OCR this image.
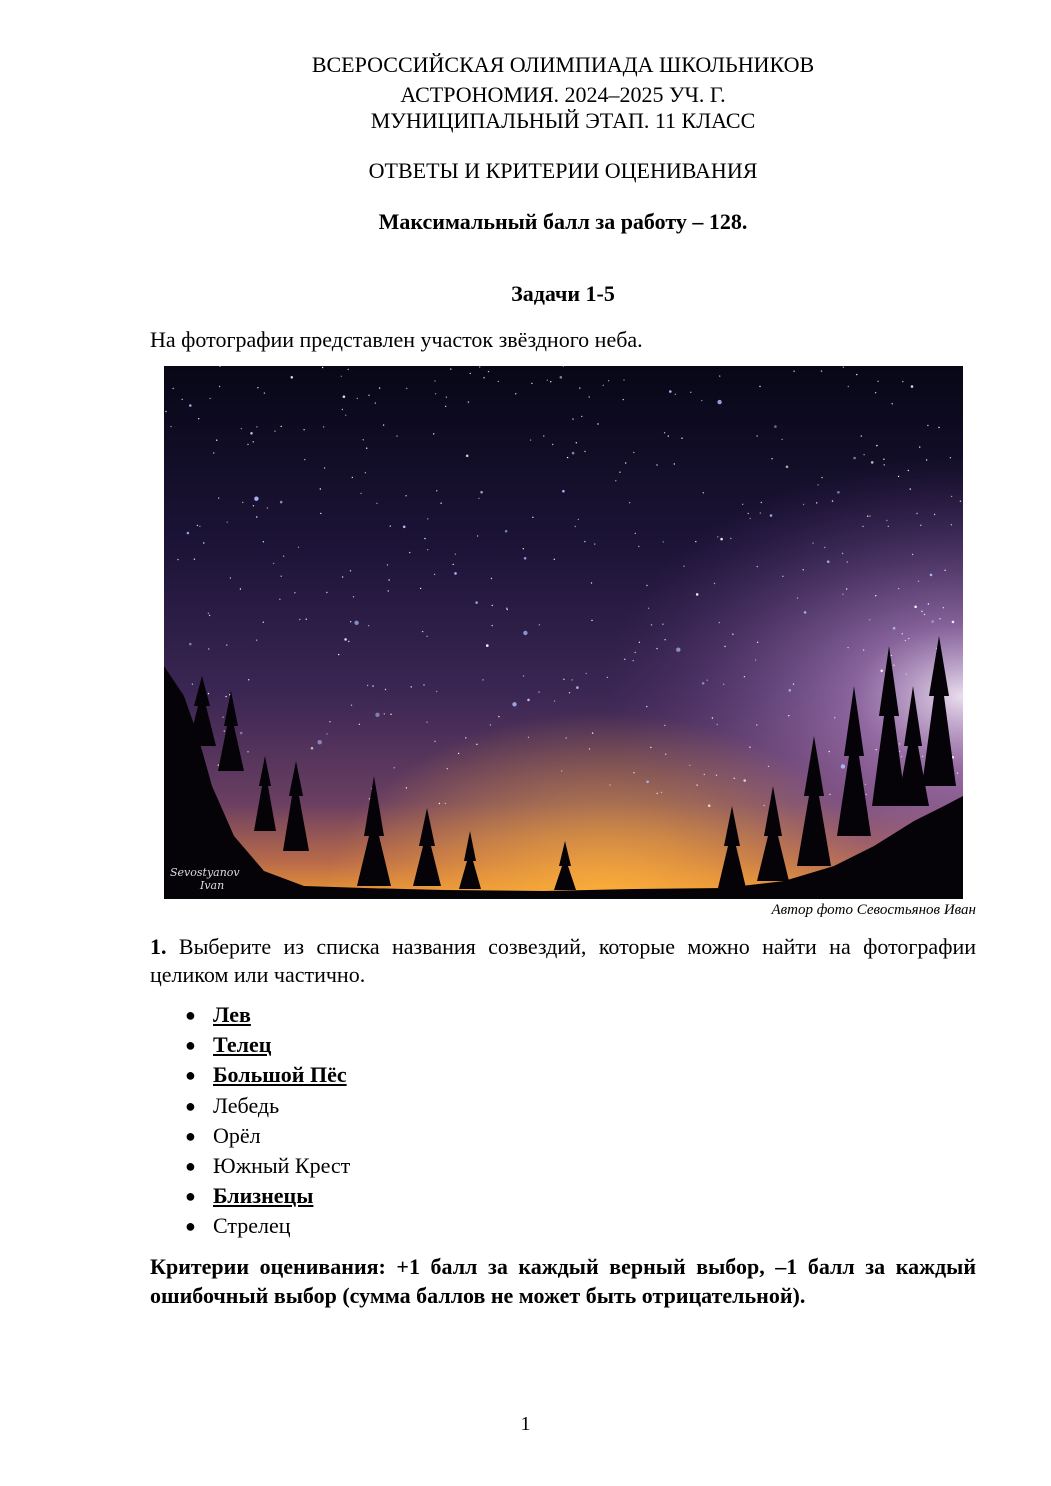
ВСЕРОССИЙСКАЯ ОЛИМПИАДА ШКОЛЬНИКОВ
АСТРОНОМИЯ. 2024–2025 УЧ. Г.
МУНИЦИПАЛЬНЫЙ ЭТАП. 11 КЛАСС
ОТВЕТЫ И КРИТЕРИИ ОЦЕНИВАНИЯ
Максимальный балл за работу – 128.
Задачи 1-5
На фотографии представлен участок звёздного неба.
Sevostyanov
Ivan
Автор фото Севостьянов Иван
1. Выберите из списка названия созвездий, которые можно найти на фотографии целиком или частично.
● Лев
● Телец
● Большой Пёс
● Лебедь
● Орёл
● Южный Крест
● Близнецы
● Стрелец
Критерии оценивания: +1 балл за каждый верный выбор, –1 балл за каждый ошибочный выбор (сумма баллов не может быть отрицательной).
1
